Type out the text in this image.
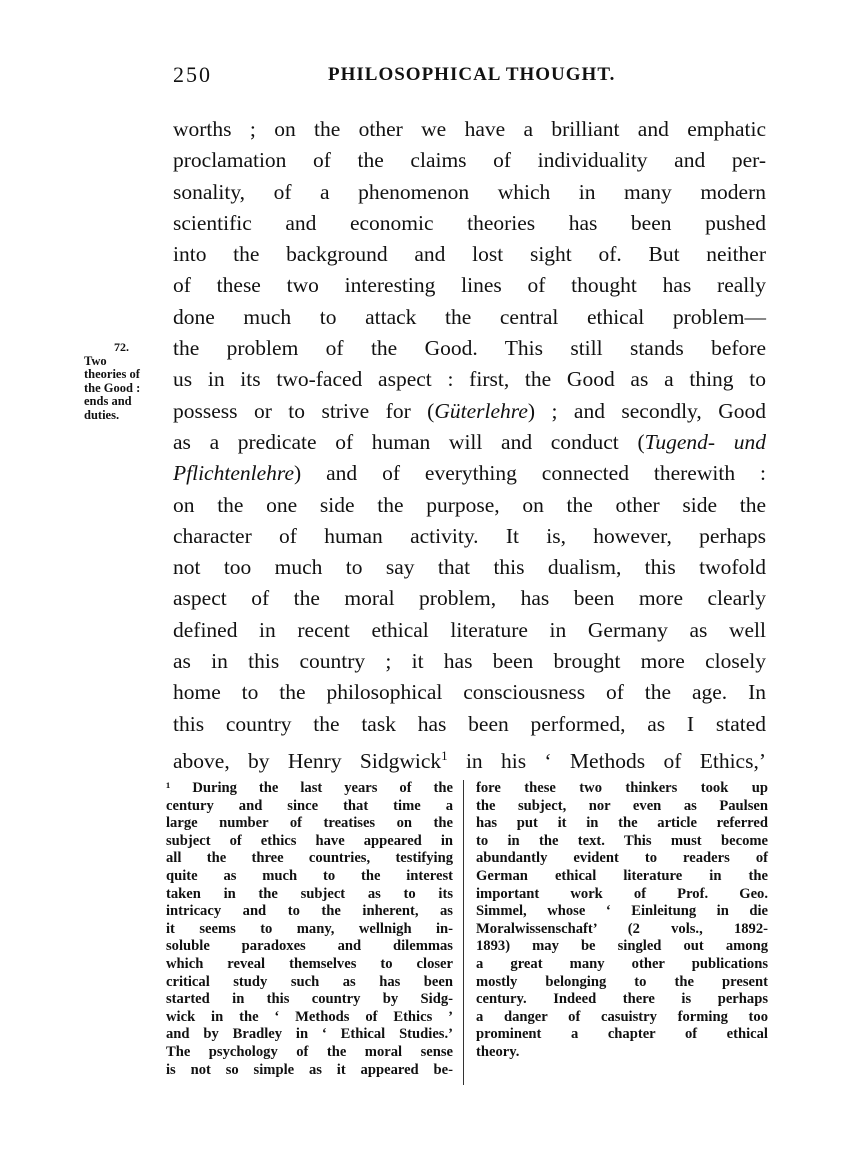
250	PHILOSOPHICAL THOUGHT.
72.
Two
theories of
the Good :
ends and
duties.
worths ; on the other we have a brilliant and emphatic
proclamation of the claims of individuality and per-
sonality, of a phenomenon which in many modern
scientific and economic theories has been pushed
into the background and lost sight of. But neither
of these two interesting lines of thought has really
done much to attack the central ethical problem—
the problem of the Good. This still stands before
us in its two-faced aspect : first, the Good as a thing to
possess or to strive for (Güterlehre) ; and secondly, Good
as a predicate of human will and conduct (Tugend- und
Pflichtenlehre) and of everything connected therewith :
on the one side the purpose, on the other side the
character of human activity. It is, however, perhaps
not too much to say that this dualism, this twofold
aspect of the moral problem, has been more clearly
defined in recent ethical literature in Germany as well
as in this country ; it has been brought more closely
home to the philosophical consciousness of the age. In
this country the task has been performed, as I stated
above, by Henry Sidgwick$^1$ in his ‘ Methods of Ethics,’
¹ During the last years of the
century and since that time a
large number of treatises on the
subject of ethics have appeared in
all the three countries, testifying
quite as much to the interest
taken in the subject as to its
intricacy and to the inherent, as
it seems to many, wellnigh in-
soluble paradoxes and dilemmas
which reveal themselves to closer
critical study such as has been
started in this country by Sidg-
wick in the ‘ Methods of Ethics ’
and by Bradley in ‘ Ethical Studies.’
The psychology of the moral sense
is not so simple as it appeared be-
fore these two thinkers took up
the subject, nor even as Paulsen
has put it in the article referred
to in the text. This must become
abundantly evident to readers of
German ethical literature in the
important work of Prof. Geo.
Simmel, whose ‘ Einleitung in die
Moralwissenschaft’ (2 vols., 1892-
1893) may be singled out among
a great many other publications
mostly belonging to the present
century. Indeed there is perhaps
a danger of casuistry forming too
prominent a chapter of ethical
theory.
